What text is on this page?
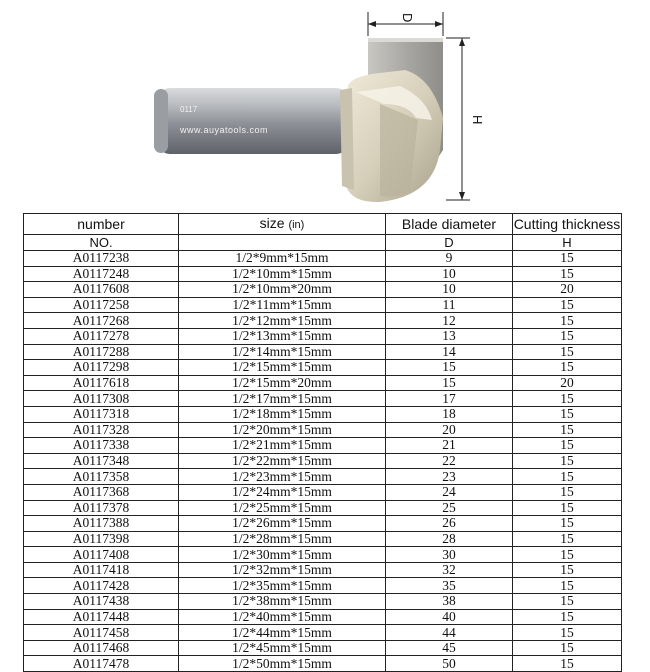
0117
www.auyatools.com
D
H
number	size (in)	Blade diameter	Cutting thickness
NO.		D	H
A0117238	1/2*9mm*15mm	9	15
A0117248	1/2*10mm*15mm	10	15
A0117608	1/2*10mm*20mm	10	20
A0117258	1/2*11mm*15mm	11	15
A0117268	1/2*12mm*15mm	12	15
A0117278	1/2*13mm*15mm	13	15
A0117288	1/2*14mm*15mm	14	15
A0117298	1/2*15mm*15mm	15	15
A0117618	1/2*15mm*20mm	15	20
A0117308	1/2*17mm*15mm	17	15
A0117318	1/2*18mm*15mm	18	15
A0117328	1/2*20mm*15mm	20	15
A0117338	1/2*21mm*15mm	21	15
A0117348	1/2*22mm*15mm	22	15
A0117358	1/2*23mm*15mm	23	15
A0117368	1/2*24mm*15mm	24	15
A0117378	1/2*25mm*15mm	25	15
A0117388	1/2*26mm*15mm	26	15
A0117398	1/2*28mm*15mm	28	15
A0117408	1/2*30mm*15mm	30	15
A0117418	1/2*32mm*15mm	32	15
A0117428	1/2*35mm*15mm	35	15
A0117438	1/2*38mm*15mm	38	15
A0117448	1/2*40mm*15mm	40	15
A0117458	1/2*44mm*15mm	44	15
A0117468	1/2*45mm*15mm	45	15
A0117478	1/2*50mm*15mm	50	15
